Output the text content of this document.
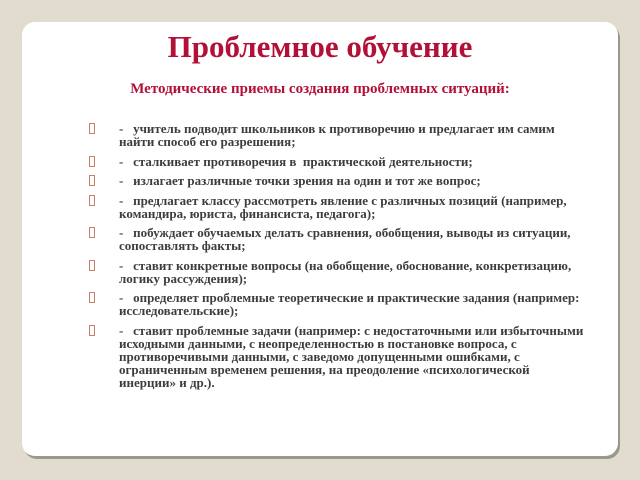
Проблемное обучение
Методические приемы создания проблемных ситуаций:
-   учитель подводит школьников к противоречию и предлагает им самим найти способ его разрешения;
-   сталкивает противоречия в  практической деятельности;
-   излагает различные точки зрения на один и тот же вопрос;
-   предлагает классу рассмотреть явление с различных позиций (например, командира, юриста, финансиста, педагога);
-   побуждает обучаемых делать сравнения, обобщения, выводы из ситуации, сопоставлять факты;
-   ставит конкретные вопросы (на обобщение, обоснование, конкретизацию, логику рассуждения);
-   определяет проблемные теоретические и практические задания (например: исследовательские);
-   ставит проблемные задачи (например: с недостаточными или избыточными исходными данными, с неопределенностью в постановке вопроса, с противоречивыми данными, с заведомо допущенными ошибками, с ограниченным временем решения, на преодоление «психологической инерции» и др.).
